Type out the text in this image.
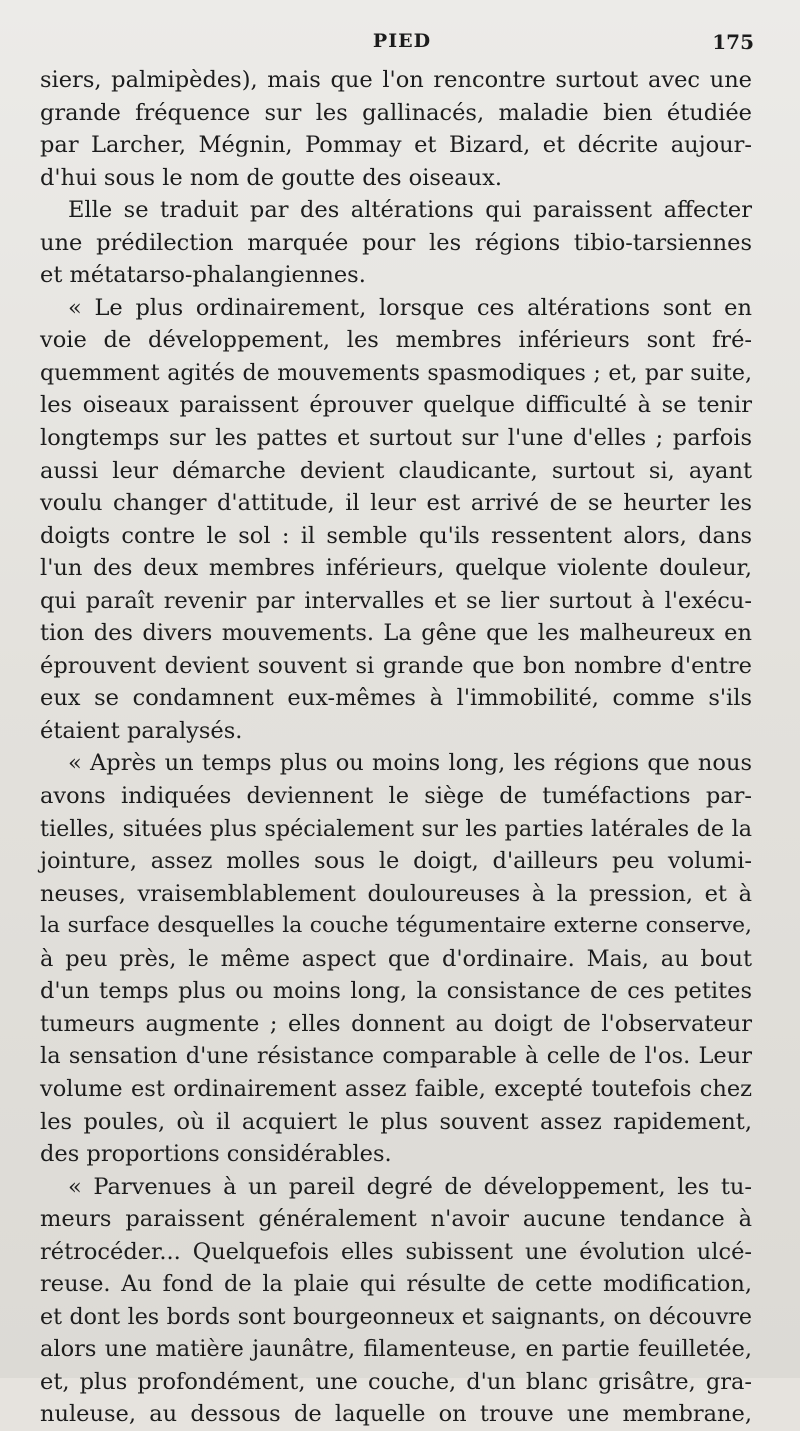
PIED	175
siers, palmipèdes), mais que l'on rencontre surtout avec une
grande fréquence sur les gallinacés, maladie bien étudiée
par Larcher, Mégnin, Pommay et Bizard, et décrite aujour-
d'hui sous le nom de goutte des oiseaux.
Elle se traduit par des altérations qui paraissent affecter
une prédilection marquée pour les régions tibio-tarsiennes
et métatarso-phalangiennes.
« Le plus ordinairement, lorsque ces altérations sont en
voie de développement, les membres inférieurs sont fré-
quemment agités de mouvements spasmodiques ; et, par suite,
les oiseaux paraissent éprouver quelque difficulté à se tenir
longtemps sur les pattes et surtout sur l'une d'elles ; parfois
aussi leur démarche devient claudicante, surtout si, ayant
voulu changer d'attitude, il leur est arrivé de se heurter les
doigts contre le sol : il semble qu'ils ressentent alors, dans
l'un des deux membres inférieurs, quelque violente douleur,
qui paraît revenir par intervalles et se lier surtout à l'exécu-
tion des divers mouvements. La gêne que les malheureux en
éprouvent devient souvent si grande que bon nombre d'entre
eux se condamnent eux-mêmes à l'immobilité, comme s'ils
étaient paralysés.
« Après un temps plus ou moins long, les régions que nous
avons indiquées deviennent le siège de tuméfactions par-
tielles, situées plus spécialement sur les parties latérales de la
jointure, assez molles sous le doigt, d'ailleurs peu volumi-
neuses, vraisemblablement douloureuses à la pression, et à
la surface desquelles la couche tégumentaire externe conserve,
à peu près, le même aspect que d'ordinaire. Mais, au bout
d'un temps plus ou moins long, la consistance de ces petites
tumeurs augmente ; elles donnent au doigt de l'observateur
la sensation d'une résistance comparable à celle de l'os. Leur
volume est ordinairement assez faible, excepté toutefois chez
les poules, où il acquiert le plus souvent assez rapidement,
des proportions considérables.
« Parvenues à un pareil degré de développement, les tu-
meurs paraissent généralement n'avoir aucune tendance à
rétrocéder... Quelquefois elles subissent une évolution ulcé-
reuse. Au fond de la plaie qui résulte de cette modification,
et dont les bords sont bourgeonneux et saignants, on découvre
alors une matière jaunâtre, filamenteuse, en partie feuilletée,
et, plus profondément, une couche, d'un blanc grisâtre, gra-
nuleuse, au dessous de laquelle on trouve une membrane,
